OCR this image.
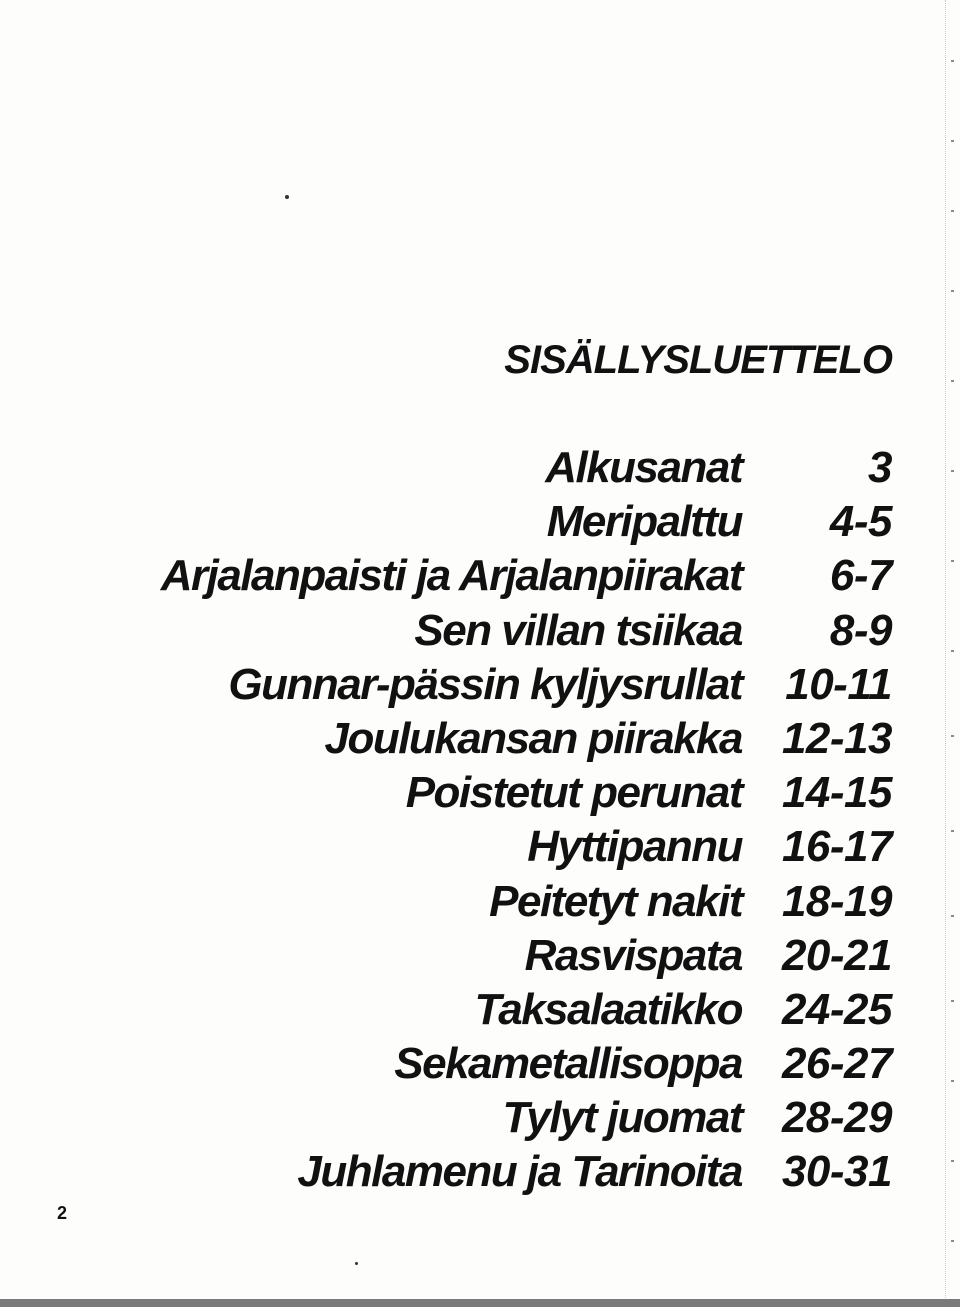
SISÄLLYSLUETTELO
Alkusanat	3
Meripalttu 4-5
Arjalanpaisti ja Arjalanpiirakat 6-7
Sen villan tsiikaa 8-9
Gunnar-pässin kyljysrullat 10-11
Joulukansan piirakka 12-13
Poistetut perunat 14-15
Hyttipannu 16-17
Peitetyt nakit 18-19
Rasvispata 20-21
Taksalaatikko 24-25
Sekametallisoppa 26-27
Tylyt juomat 28-29
Juhlamenu ja Tarinoita 30-31
2
